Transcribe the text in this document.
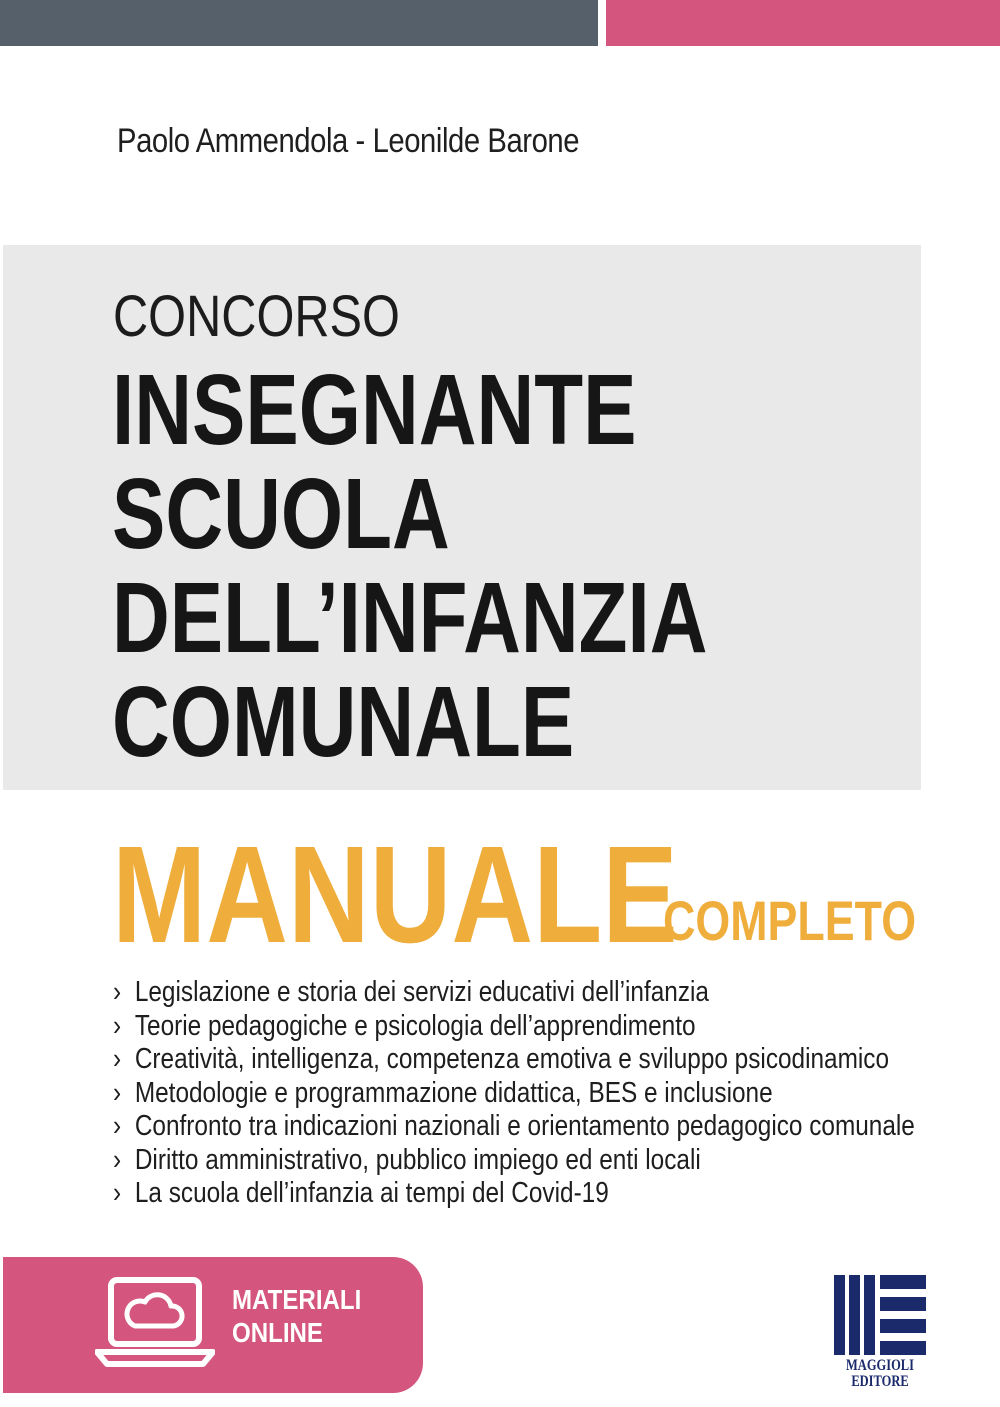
Paolo Ammendola - Leonilde Barone
CONCORSO
INSEGNANTE
SCUOLA
DELL’INFANZIA
COMUNALE
MANUALE
COMPLETO
› Legislazione e storia dei servizi educativi dell’infanzia
› Teorie pedagogiche e psicologia dell’apprendimento
› Creatività, intelligenza, competenza emotiva e sviluppo psicodinamico
› Metodologie e programmazione didattica, BES e inclusione
› Confronto tra indicazioni nazionali e orientamento pedagogico comunale
› Diritto amministrativo, pubblico impiego ed enti locali
› La scuola dell’infanzia ai tempi del Covid-19
MATERIALI
ONLINE
MAGGIOLI
EDITORE
